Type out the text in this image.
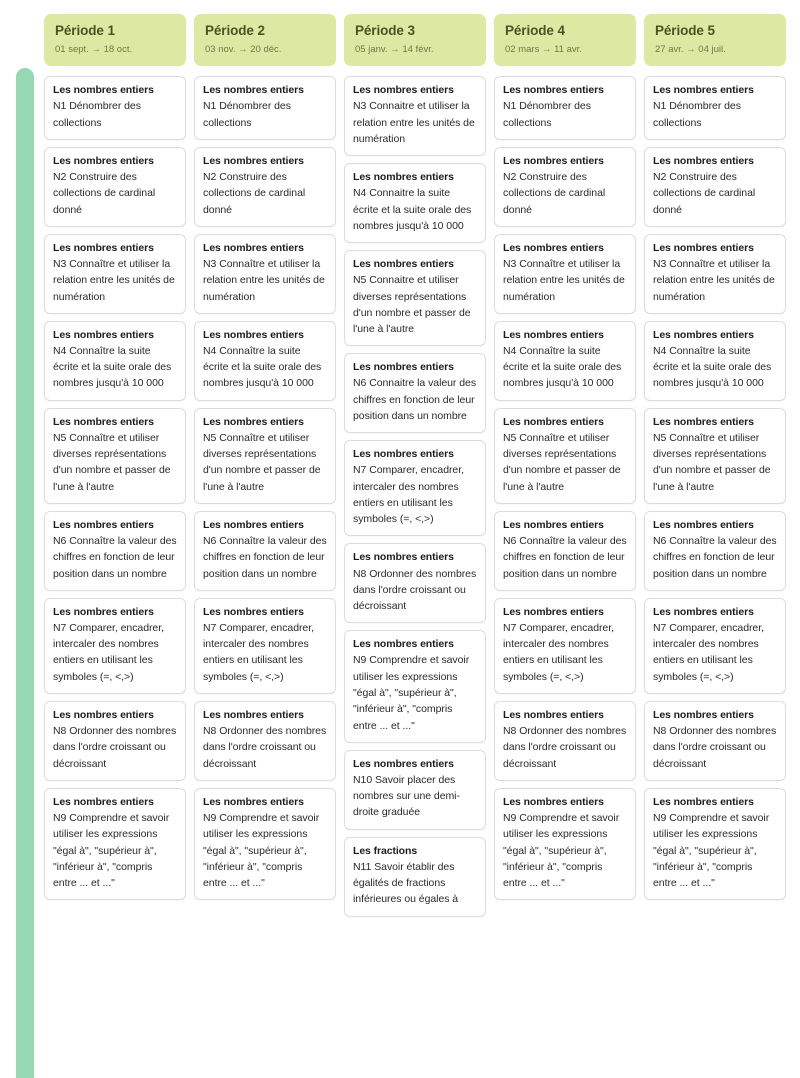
Période 1
01 sept. → 18 oct.
Les nombres entiers
N1 Dénombrer des collections
Les nombres entiers
N2 Construire des collections de cardinal donné
Les nombres entiers
N3 Connaître et utiliser la relation entre les unités de numération
Les nombres entiers
N4 Connaître la suite écrite et la suite orale des nombres jusqu'à 10 000
Les nombres entiers
N5 Connaître et utiliser diverses représentations d'un nombre et passer de l'une à l'autre
Les nombres entiers
N6 Connaître la valeur des chiffres en fonction de leur position dans un nombre
Les nombres entiers
N7 Comparer, encadrer, intercaler des nombres entiers en utilisant les symboles (=, <,>)
Les nombres entiers
N8 Ordonner des nombres dans l'ordre croissant ou décroissant
Les nombres entiers
N9 Comprendre et savoir utiliser les expressions "égal à", "supérieur à", "inférieur à", "compris entre ... et ..."
Période 2
03 nov. → 20 déc.
Les nombres entiers
N1 Dénombrer des collections
Les nombres entiers
N2 Construire des collections de cardinal donné
Les nombres entiers
N3 Connaître et utiliser la relation entre les unités de numération
Les nombres entiers
N4 Connaître la suite écrite et la suite orale des nombres jusqu'à 10 000
Les nombres entiers
N5 Connaître et utiliser diverses représentations d'un nombre et passer de l'une à l'autre
Les nombres entiers
N6 Connaître la valeur des chiffres en fonction de leur position dans un nombre
Les nombres entiers
N7 Comparer, encadrer, intercaler des nombres entiers en utilisant les symboles (=, <,>)
Les nombres entiers
N8 Ordonner des nombres dans l'ordre croissant ou décroissant
Les nombres entiers
N9 Comprendre et savoir utiliser les expressions "égal à", "supérieur à", "inférieur à", "compris entre ... et ..."
Période 3
05 janv. → 14 févr.
Les nombres entiers
N3 Connaitre et utiliser la relation entre les unités de numération
Les nombres entiers
N4 Connaitre la suite écrite et la suite orale des nombres jusqu'à 10 000
Les nombres entiers
N5 Connaitre et utiliser diverses représentations d'un nombre et passer de l'une à l'autre
Les nombres entiers
N6 Connaitre la valeur des chiffres en fonction de leur position dans un nombre
Les nombres entiers
N7 Comparer, encadrer, intercaler des nombres entiers en utilisant les symboles (=, <,>)
Les nombres entiers
N8 Ordonner des nombres dans l'ordre croissant ou décroissant
Les nombres entiers
N9 Comprendre et savoir utiliser les expressions "égal à", "supérieur à", "inférieur à", "compris entre ... et ..."
Les nombres entiers
N10 Savoir placer des nombres sur une demi-droite graduée
Les fractions
N11 Savoir établir des égalités de fractions inférieures ou égales à
Période 4
02 mars → 11 avr.
Les nombres entiers
N1 Dénombrer des collections
Les nombres entiers
N2 Construire des collections de cardinal donné
Les nombres entiers
N3 Connaître et utiliser la relation entre les unités de numération
Les nombres entiers
N4 Connaître la suite écrite et la suite orale des nombres jusqu'à 10 000
Les nombres entiers
N5 Connaître et utiliser diverses représentations d'un nombre et passer de l'une à l'autre
Les nombres entiers
N6 Connaître la valeur des chiffres en fonction de leur position dans un nombre
Les nombres entiers
N7 Comparer, encadrer, intercaler des nombres entiers en utilisant les symboles (=, <,>)
Les nombres entiers
N8 Ordonner des nombres dans l'ordre croissant ou décroissant
Les nombres entiers
N9 Comprendre et savoir utiliser les expressions "égal à", "supérieur à", "inférieur à", "compris entre ... et ..."
Période 5
27 avr. → 04 juil.
Les nombres entiers
N1 Dénombrer des collections
Les nombres entiers
N2 Construire des collections de cardinal donné
Les nombres entiers
N3 Connaître et utiliser la relation entre les unités de numération
Les nombres entiers
N4 Connaître la suite écrite et la suite orale des nombres jusqu'à 10 000
Les nombres entiers
N5 Connaître et utiliser diverses représentations d'un nombre et passer de l'une à l'autre
Les nombres entiers
N6 Connaître la valeur des chiffres en fonction de leur position dans un nombre
Les nombres entiers
N7 Comparer, encadrer, intercaler des nombres entiers en utilisant les symboles (=, <,>)
Les nombres entiers
N8 Ordonner des nombres dans l'ordre croissant ou décroissant
Les nombres entiers
N9 Comprendre et savoir utiliser les expressions "égal à", "supérieur à", "inférieur à", "compris entre ... et ..."
